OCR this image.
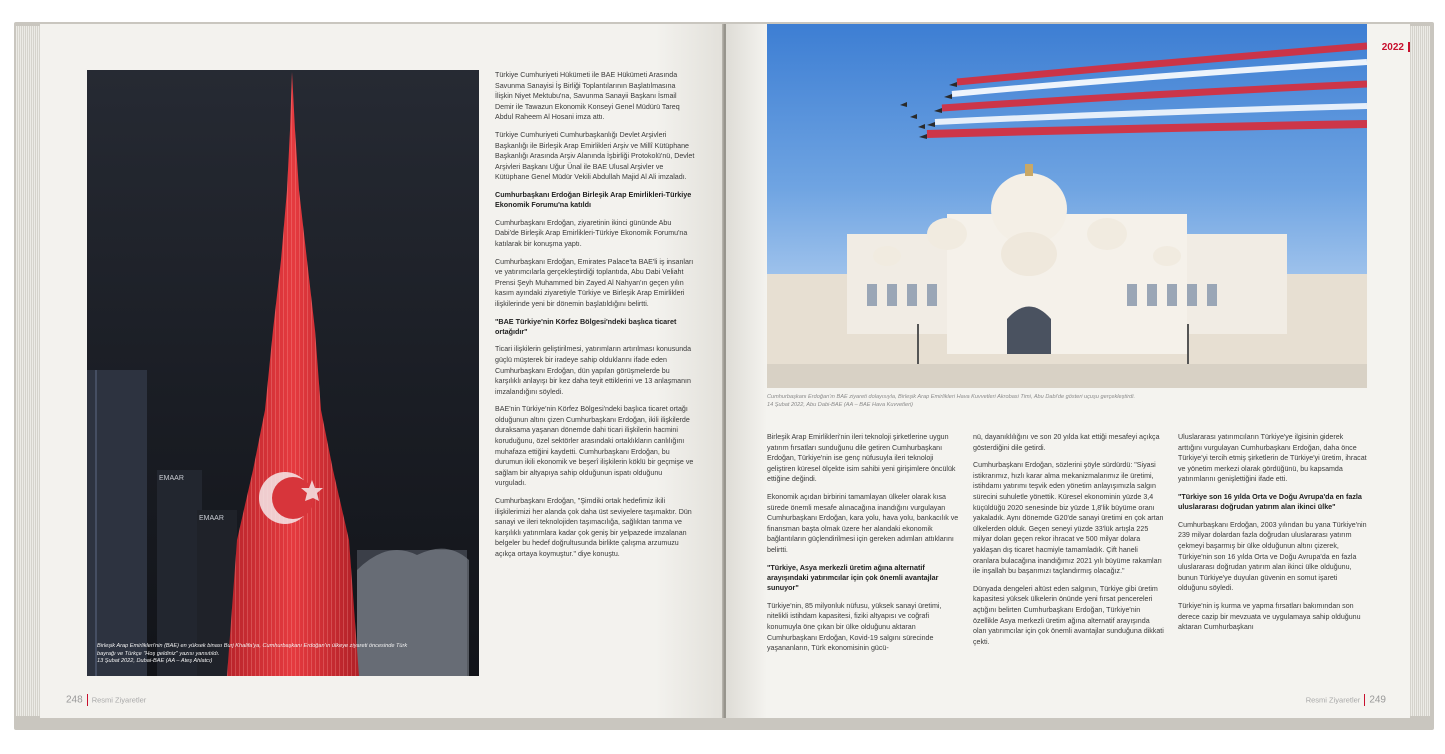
EMAAR
EMAAR
Birleşik Arap Emirlikleri'nin (BAE) en yüksek binası Burj Khalifa'ya, Cumhurbaşkanı Erdoğan'ın ülkeye ziyareti öncesinde Türk
bayrağı ve Türkçe "Hoş geldiniz" yazısı yansıtıldı.
13 Şubat 2022, Dubai-BAE (AA – Ateş Ahlatcı)

Türkiye Cumhuriyeti Hükümeti ile BAE Hükümeti Arasında Savunma Sanayisi İş Birliği Toplantılarının Başlatılmasına İlişkin Niyet Mektubu'na, Savunma Sanayii Başkanı İsmail Demir ile Tawazun Ekonomik Konseyi Genel Müdürü Tareq Abdul Raheem Al Hosani imza attı.

Türkiye Cumhuriyeti Cumhurbaşkanlığı Devlet Arşivleri Başkanlığı ile Birleşik Arap Emirlikleri Arşiv ve Millî Kütüphane Başkanlığı Arasında Arşiv Alanında İşbirliği Protokolü'nü, Devlet Arşivleri Başkanı Uğur Ünal ile BAE Ulusal Arşivler ve Kütüphane Genel Müdür Vekili Abdullah Majid Al Ali imzaladı.

Cumhurbaşkanı Erdoğan Birleşik Arap Emirlikleri-Türkiye Ekonomik Forumu'na katıldı

Cumhurbaşkanı Erdoğan, ziyaretinin ikinci gününde Abu Dabi'de Birleşik Arap Emirlikleri-Türkiye Ekonomik Forumu'na katılarak bir konuşma yaptı.

Cumhurbaşkanı Erdoğan, Emirates Palace'ta BAE'li iş insanları ve yatırımcılarla gerçekleştirdiği toplantıda, Abu Dabi Veliaht Prensi Şeyh Muhammed bin Zayed Al Nahyan'ın geçen yılın kasım ayındaki ziyaretiyle Türkiye ve Birleşik Arap Emirlikleri ilişkilerinde yeni bir dönemin başlatıldığını belirtti.

"BAE Türkiye'nin Körfez Bölgesi'ndeki başlıca ticaret ortağıdır"

Ticari ilişkilerin geliştirilmesi, yatırımların artırılması konusunda güçlü müşterek bir iradeye sahip olduklarını ifade eden Cumhurbaşkanı Erdoğan, dün yapılan görüşmelerde bu karşılıklı anlayışı bir kez daha teyit ettiklerini ve 13 anlaşmanın imzalandığını söyledi.

BAE'nin Türkiye'nin Körfez Bölgesi'ndeki başlıca ticaret ortağı olduğunun altını çizen Cumhurbaşkanı Erdoğan, ikili ilişkilerde duraksama yaşanan dönemde dahi ticari ilişkilerin hacmini koruduğunu, özel sektörler arasındaki ortaklıkların canlılığını muhafaza ettiğini kaydetti. Cumhurbaşkanı Erdoğan, bu durumun ikili ekonomik ve beşerî ilişkilerin köklü bir geçmişe ve sağlam bir altyapıya sahip olduğunun ispatı olduğunu vurguladı.

Cumhurbaşkanı Erdoğan, "Şimdiki ortak hedefimiz ikili ilişkilerimizi her alanda çok daha üst seviyelere taşımaktır. Dün sanayi ve ileri teknolojiden taşımacılığa, sağlıktan tarıma ve karşılıklı yatırımlara kadar çok geniş bir yelpazede imzalanan belgeler bu hedef doğrultusunda birlikte çalışma arzumuzu açıkça ortaya koymuştur." diye konuştu.

248 Resmi Ziyaretler
2022
Cumhurbaşkanı Erdoğan'ın BAE ziyareti dolayısıyla, Birleşik Arap Emirlikleri Hava Kuvvetleri Akrobasi Timi, Abu Dabi'de gösteri uçuşu gerçekleştirdi.
14 Şubat 2022, Abu Dabi-BAE (AA – BAE Hava Kuvvetleri)

Birleşik Arap Emirlikleri'nin ileri teknoloji şirketlerine uygun yatırım fırsatları sunduğunu dile getiren Cumhurbaşkanı Erdoğan, Türkiye'nin ise genç nüfusuyla ileri teknoloji geliştiren küresel ölçekte isim sahibi yeni girişimlere öncülük ettiğine değindi.

Ekonomik açıdan birbirini tamamlayan ülkeler olarak kısa sürede önemli mesafe alınacağına inandığını vurgulayan Cumhurbaşkanı Erdoğan, kara yolu, hava yolu, bankacılık ve finansman başta olmak üzere her alandaki ekonomik bağlantıların güçlendirilmesi için gereken adımları attıklarını belirtti.

"Türkiye, Asya merkezli üretim ağına alternatif arayışındaki yatırımcılar için çok önemli avantajlar sunuyor"

Türkiye'nin, 85 milyonluk nüfusu, yüksek sanayi üretimi, nitelikli istihdam kapasitesi, fiziki altyapısı ve coğrafi konumuyla öne çıkan bir ülke olduğunu aktaran Cumhurbaşkanı Erdoğan, Kovid-19 salgını sürecinde yaşananların, Türk ekonomisinin gücü-

nü, dayanıklılığını ve son 20 yılda kat ettiği mesafeyi açıkça gösterdiğini dile getirdi.

Cumhurbaşkanı Erdoğan, sözlerini şöyle sürdürdü: "Siyasi istikrarımız, hızlı karar alma mekanizmalarımız ile üretimi, istihdamı yatırımı teşvik eden yönetim anlayışımızla salgın sürecini suhuletle yönettik. Küresel ekonominin yüzde 3,4 küçüldüğü 2020 senesinde biz yüzde 1,8'lik büyüme oranı yakaladık. Aynı dönemde G20'de sanayi üretimi en çok artan ülkelerden olduk. Geçen seneyi yüzde 33'lük artışla 225 milyar doları geçen rekor ihracat ve 500 milyar dolara yaklaşan dış ticaret hacmiyle tamamladık. Çift haneli oranlara bulacağına inandığımız 2021 yılı büyüme rakamları ile inşallah bu başarımızı taçlandırmış olacağız."

Dünyada dengeleri altüst eden salgının, Türkiye gibi üretim kapasitesi yüksek ülkelerin önünde yeni fırsat pencereleri açtığını belirten Cumhurbaşkanı Erdoğan, Türkiye'nin özellikle Asya merkezli üretim ağına alternatif arayışında olan yatırımcılar için çok önemli avantajlar sunduğuna dikkati çekti.

Uluslararası yatırımcıların Türkiye'ye ilgisinin giderek arttığını vurgulayan Cumhurbaşkanı Erdoğan, daha önce Türkiye'yi tercih etmiş şirketlerin de Türkiye'yi üretim, ihracat ve yönetim merkezi olarak gördüğünü, bu kapsamda yatırımlarını genişlettiğini ifade etti.

"Türkiye son 16 yılda Orta ve Doğu Avrupa'da en fazla uluslararası doğrudan yatırım alan ikinci ülke"

Cumhurbaşkanı Erdoğan, 2003 yılından bu yana Türkiye'nin 239 milyar dolardan fazla doğrudan uluslararası yatırım çekmeyi başarmış bir ülke olduğunun altını çizerek, Türkiye'nin son 16 yılda Orta ve Doğu Avrupa'da en fazla uluslararası doğrudan yatırım alan ikinci ülke olduğunu, bunun Türkiye'ye duyulan güvenin en somut işareti olduğunu söyledi.

Türkiye'nin iş kurma ve yapma fırsatları bakımından son derece cazip bir mevzuata ve uygulamaya sahip olduğunu aktaran Cumhurbaşkanı

Resmi Ziyaretler 249
